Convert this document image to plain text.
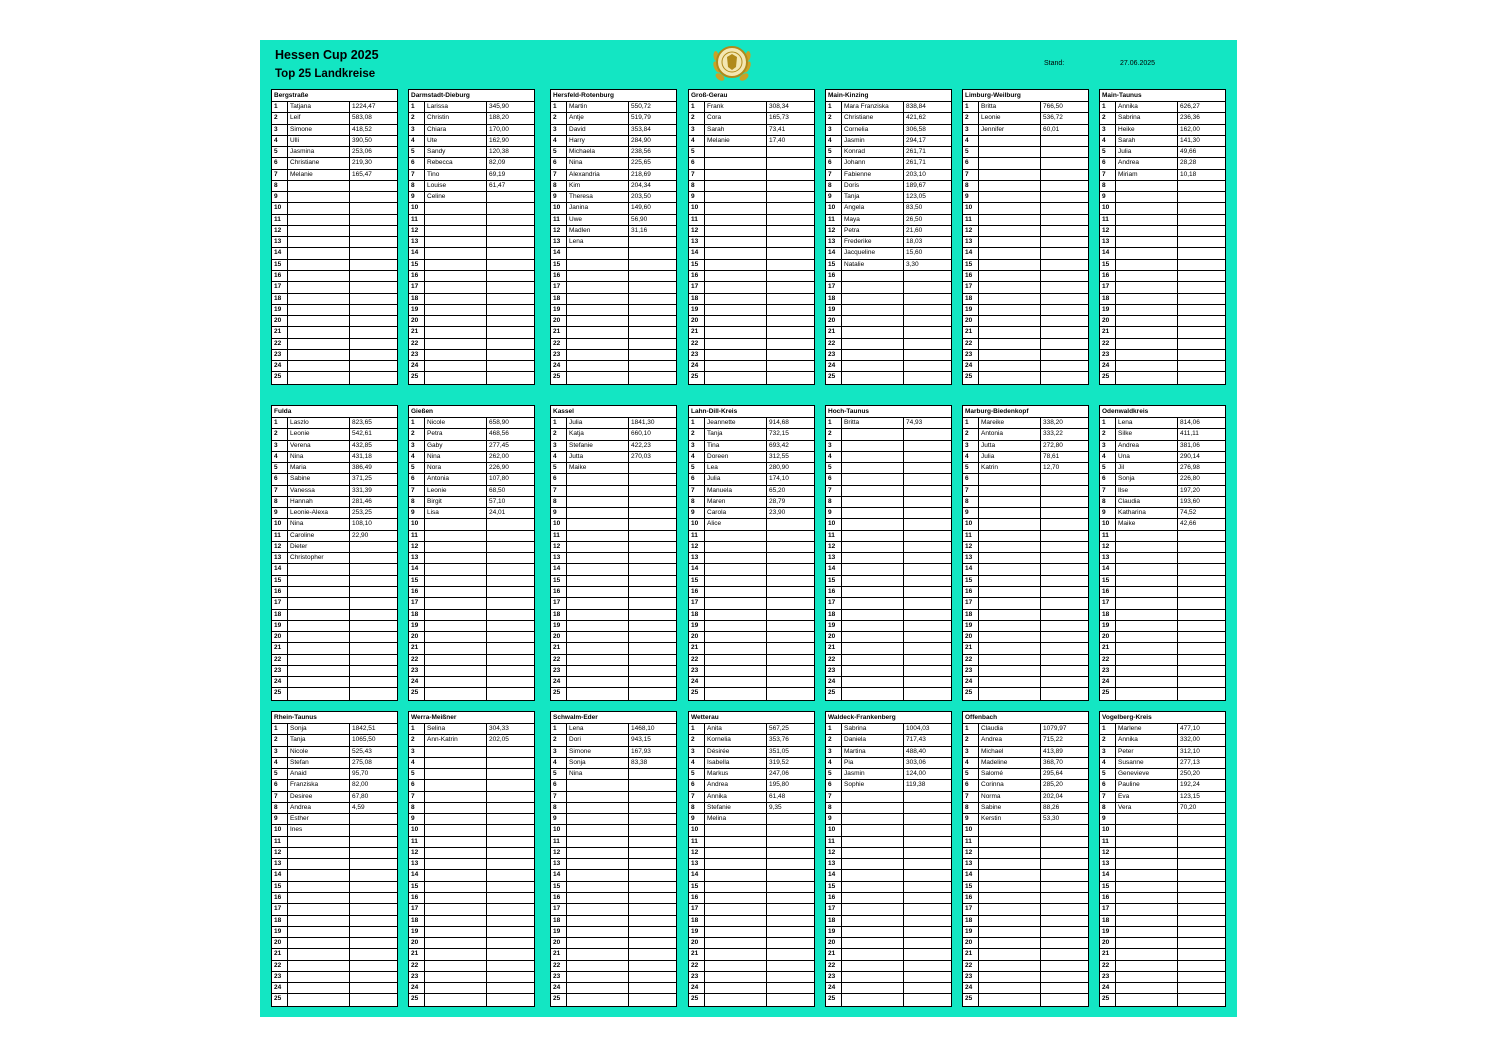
Hessen Cup 2025
Top 25 Landkreise
Stand:	27.06.2025
Bergstraße
1	Tatjana	1224,47
2	Leif	583,08
3	Simone	418,52
4	Ulli	390,50
5	Jasmina	253,06
6	Christiane	219,30
7	Melanie	165,47
8
9
10
11
12
13
14
15
16
17
18
19
20
21
22
23
24
25
Darmstadt-Dieburg
1	Larissa	345,90
2	Christin	188,20
3	Chiara	170,00
4	Ute	162,90
5	Sandy	120,38
6	Rebecca	82,09
7	Tino	69,19
8	Louise	61,47
9	Celine
10
11
12
13
14
15
16
17
18
19
20
21
22
23
24
25
Hersfeld-Rotenburg
1	Martin	550,72
2	Antje	519,79
3	David	353,84
4	Harry	284,90
5	Michaela	238,56
6	Nina	225,65
7	Alexandria	218,69
8	Kim	204,34
9	Theresa	203,50
10	Janina	149,60
11	Uwe	56,90
12	Madlen	31,16
13	Lena
14
15
16
17
18
19
20
21
22
23
24
25
Groß-Gerau
1	Frank	308,34
2	Cora	165,73
3	Sarah	73,41
4	Melanie	17,40
5
6
7
8
9
10
11
12
13
14
15
16
17
18
19
20
21
22
23
24
25
Main-Kinzing
1	Mara Franziska	838,84
2	Christiane	421,62
3	Cornelia	306,58
4	Jasmin	294,17
5	Konrad	261,71
6	Johann	261,71
7	Fabienne	203,10
8	Doris	189,67
9	Tanja	123,05
10	Angela	83,50
11	Maya	26,50
12	Petra	21,60
13	Frederike	18,03
14	Jacqueline	15,60
15	Natalie	3,30
16
17
18
19
20
21
22
23
24
25
Limburg-Weilburg
1	Britta	766,50
2	Leonie	536,72
3	Jennifer	60,01
4
5
6
7
8
9
10
11
12
13
14
15
16
17
18
19
20
21
22
23
24
25
Main-Taunus
1	Annika	626,27
2	Sabrina	236,36
3	Heike	162,00
4	Sarah	141,30
5	Julia	49,66
6	Andrea	28,28
7	Miriam	10,18
8
9
10
11
12
13
14
15
16
17
18
19
20
21
22
23
24
25
Fulda
1	Laszlo	823,65
2	Leonie	542,61
3	Verena	432,85
4	Nina	431,18
5	Maria	386,49
6	Sabine	371,25
7	Vanessa	331,39
8	Hannah	281,46
9	Leonie-Alexa	253,25
10	Nina	108,10
11	Caroline	22,90
12	Dieter
13	Christopher
14
15
16
17
18
19
20
21
22
23
24
25
Gießen
1	Nicole	658,90
2	Petra	468,56
3	Gaby	277,45
4	Nina	262,00
5	Nora	226,90
6	Antonia	107,80
7	Leonie	68,50
8	Birgit	57,10
9	Lisa	24,01
10
11
12
13
14
15
16
17
18
19
20
21
22
23
24
25
Kassel
1	Julia	1841,30
2	Katja	660,10
3	Stefanie	422,23
4	Jutta	270,03
5	Maike
6
7
8
9
10
11
12
13
14
15
16
17
18
19
20
21
22
23
24
25
Lahn-Dill-Kreis
1	Jeannette	914,68
2	Tanja	732,15
3	Tina	693,42
4	Doreen	312,55
5	Lea	280,90
6	Julia	174,10
7	Manuela	65,20
8	Maren	28,79
9	Carola	23,90
10	Alice
11
12
13
14
15
16
17
18
19
20
21
22
23
24
25
Hoch-Taunus
1	Britta	74,93
2
3
4
5
6
7
8
9
10
11
12
13
14
15
16
17
18
19
20
21
22
23
24
25
Marburg-Biedenkopf
1	Mareike	338,20
2	Antonia	333,22
3	Jutta	272,80
4	Julia	78,61
5	Katrin	12,70
6
7
8
9
10
11
12
13
14
15
16
17
18
19
20
21
22
23
24
25
Odenwaldkreis
1	Lena	814,06
2	Silke	411,11
3	Andrea	381,06
4	Una	290,14
5	Jil	276,98
6	Sonja	226,80
7	Ilse	197,20
8	Claudia	193,60
9	Katharina	74,52
10	Maike	42,66
11
12
13
14
15
16
17
18
19
20
21
22
23
24
25
Rhein-Taunus
1	Sonja	1842,51
2	Tanja	1065,50
3	Nicole	525,43
4	Stefan	275,08
5	Anaid	95,70
6	Franziska	82,00
7	Desiree	67,80
8	Andrea	4,59
9	Esther
10	Ines
11
12
13
14
15
16
17
18
19
20
21
22
23
24
25
Werra-Meißner
1	Selina	304,33
2	Ann-Katrin	202,05
3
4
5
6
7
8
9
10
11
12
13
14
15
16
17
18
19
20
21
22
23
24
25
Schwalm-Eder
1	Lena	1468,10
2	Dori	943,15
3	Simone	167,93
4	Sonja	83,38
5	Nina
6
7
8
9
10
11
12
13
14
15
16
17
18
19
20
21
22
23
24
25
Wetterau
1	Anita	567,25
2	Kornelia	353,76
3	Désirée	351,05
4	Isabella	319,52
5	Markus	247,06
6	Andrea	195,80
7	Annika	61,48
8	Stefanie	9,35
9	Melina
10
11
12
13
14
15
16
17
18
19
20
21
22
23
24
25
Waldeck-Frankenberg
1	Sabrina	1004,03
2	Daniela	717,43
3	Martina	488,40
4	Pia	303,06
5	Jasmin	124,00
6	Sophie	119,38
7
8
9
10
11
12
13
14
15
16
17
18
19
20
21
22
23
24
25
Offenbach
1	Claudia	1079,97
2	Andrea	715,22
3	Michael	413,89
4	Madeline	368,70
5	Salomé	295,64
6	Corinna	285,20
7	Norma	202,04
8	Sabine	88,26
9	Kerstin	53,30
10
11
12
13
14
15
16
17
18
19
20
21
22
23
24
25
Vogelberg-Kreis
1	Marlene	477,10
2	Annika	332,00
3	Peter	312,10
4	Susanne	277,13
5	Genevieve	250,20
6	Pauline	192,24
7	Eva	123,15
8	Vera	70,20
9
10
11
12
13
14
15
16
17
18
19
20
21
22
23
24
25
